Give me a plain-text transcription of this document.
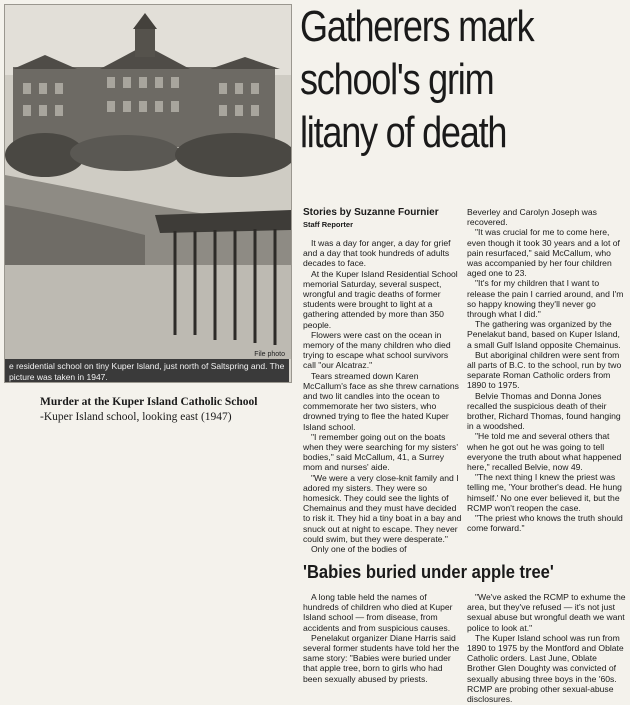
File photo
e residential school on tiny Kuper Island, just north of Saltspring and. The picture was taken in 1947.
Murder at the Kuper Island Catholic School
-Kuper Island school, looking east (1947)
Gatherers mark
school's grim
litany of death
Stories by Suzanne Fournier
Staff Reporter

It was a day for anger, a day for grief and a day that took hundreds of adults decades to face.

At the Kuper Island Residential School memorial Saturday, several suspect, wrongful and tragic deaths of former students were brought to light at a gathering attended by more than 350 people.

Flowers were cast on the ocean in memory of the many children who died trying to escape what school survivors call "our Alcatraz."

Tears streamed down Karen McCallum's face as she threw carnations and two lit candles into the ocean to commemorate her two sisters, who drowned trying to flee the hated Kuper Island school.

"I remember going out on the boats when they were searching for my sisters' bodies," said McCallum, 41, a Surrey mom and nurses' aide.

"We were a very close-knit family and I adored my sisters. They were so homesick. They could see the lights of Chemainus and they must have decided to risk it. They hid a tiny boat in a bay and snuck out at night to escape. They never could swim, but they were desperate."

Only one of the bodies of

Beverley and Carolyn Joseph was recovered.

"It was crucial for me to come here, even though it took 30 years and a lot of pain resurfaced," said McCallum, who was accompanied by her four children aged one to 23.

"It's for my children that I want to release the pain I carried around, and I'm so happy knowing they'll never go through what I did."

The gathering was organized by the Penelakut band, based on Kuper Island, a small Gulf Island opposite Chemainus.

But aboriginal children were sent from all parts of B.C. to the school, run by two separate Roman Catholic orders from 1890 to 1975.

Belvie Thomas and Donna Jones recalled the suspicious death of their brother, Richard Thomas, found hanging in a woodshed.

"He told me and several others that when he got out he was going to tell everyone the truth about what happened here," recalled Belvie, now 49.

"The next thing I knew the priest was telling me, 'Your brother's dead. He hung himself.' No one ever believed it, but the RCMP won't reopen the case.

"The priest who knows the truth should come forward."

'Babies buried under apple tree'

A long table held the names of hundreds of children who died at Kuper Island school — from disease, from accidents and from suspicious causes.

Penelakut organizer Diane Harris said several former students have told her the same story: "Babies were buried under that apple tree, born to girls who had been sexually abused by priests.

"We've asked the RCMP to exhume the area, but they've refused — it's not just sexual abuse but wrongful death we want police to look at."

The Kuper Island school was run from 1890 to 1975 by the Montford and Oblate Catholic orders. Last June, Oblate Brother Glen Doughty was convicted of sexually abusing three boys in the '60s. RCMP are probing other sexual-abuse disclosures.
